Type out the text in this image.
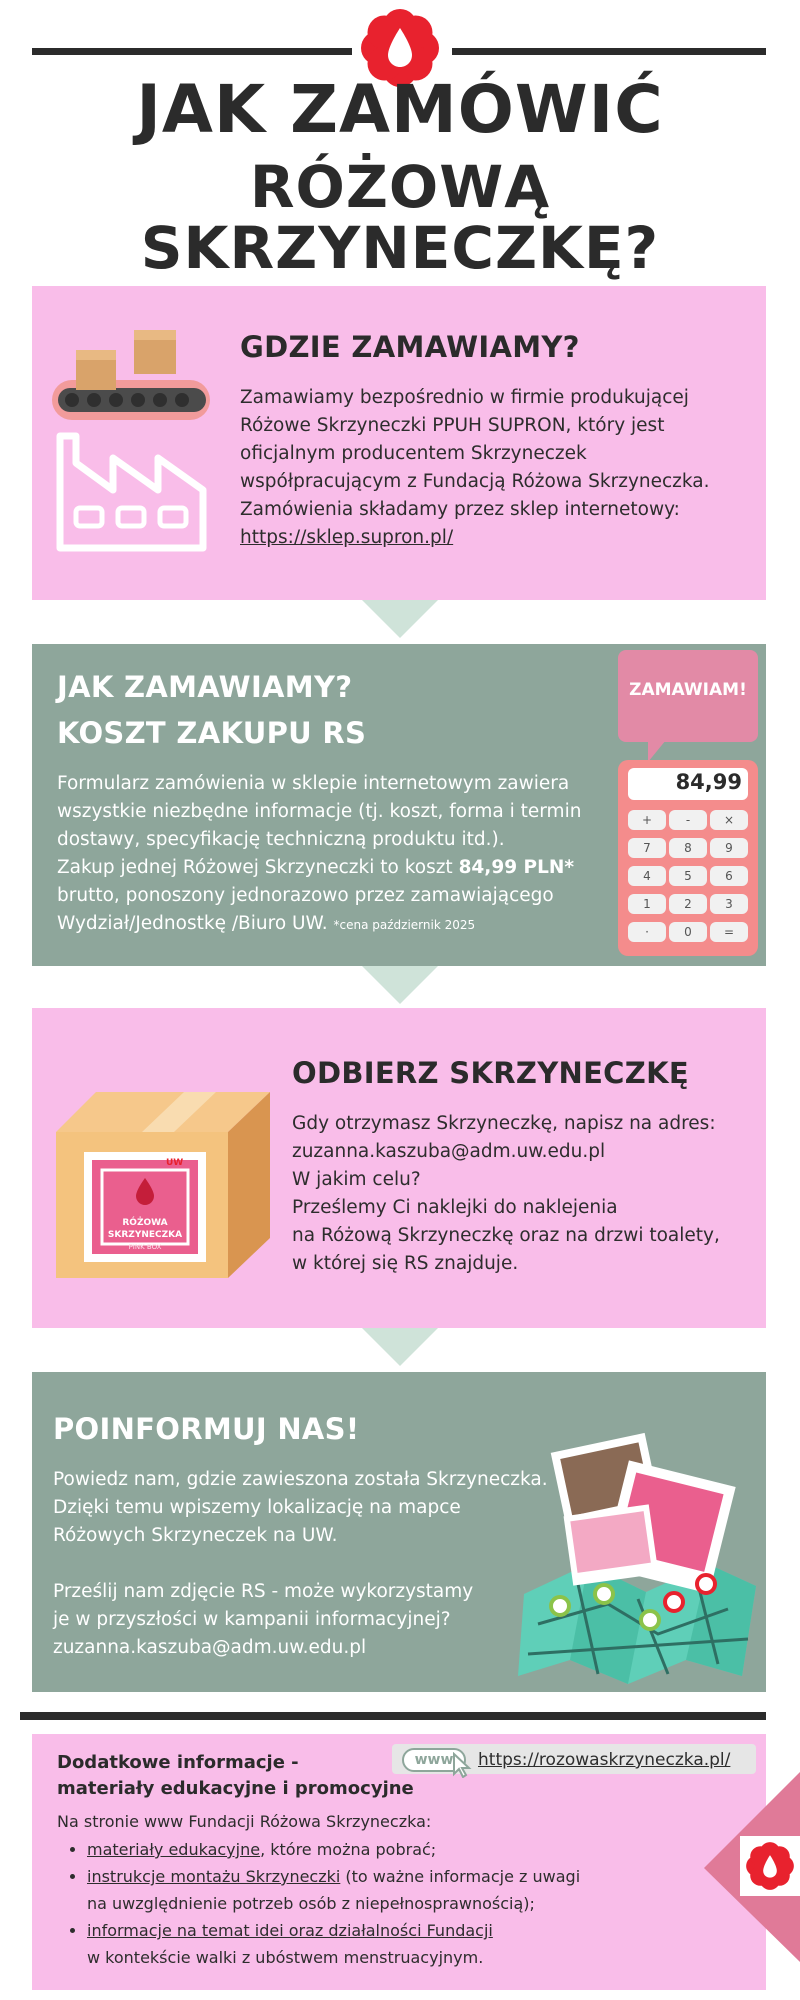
JAK ZAMÓWIĆ
RÓŻOWĄ
SKRZYNECZKĘ?
GDZIE ZAMAWIAMY?
Zamawiamy bezpośrednio w firmie produkującej
Różowe Skrzyneczki PPUH SUPRON, który jest
oficjalnym producentem Skrzyneczek
współpracującym z Fundacją Różowa Skrzyneczka.
Zamówienia składamy przez sklep internetowy:
https://sklep.supron.pl/
JAK ZAMAWIAMY?
KOSZT ZAKUPU RS
Formularz zamówienia w sklepie internetowym zawiera
wszystkie niezbędne informacje (tj. koszt, forma i termin
dostawy, specyfikację techniczną produktu itd.).
Zakup jednej Różowej Skrzyneczki to koszt 84,99 PLN*
brutto, ponoszony jednorazowo przez zamawiającego
Wydział/Jednostkę /Biuro UW. *cena październik 2025
ZAMAWIAM!
84,99
+	-	×
7	8	9
4	5	6
1	2	3
·	0	=
UW
RÓŻOWA
SKRZYNECZKA
PINK BOX
ODBIERZ SKRZYNECZKĘ
Gdy otrzymasz Skrzyneczkę, napisz na adres:
zuzanna.kaszuba@adm.uw.edu.pl
W jakim celu?
Prześlemy Ci naklejki do naklejenia
na Różową Skrzyneczkę oraz na drzwi toalety,
w której się RS znajduje.
POINFORMUJ NAS!
Powiedz nam, gdzie zawieszona została Skrzyneczka.
Dzięki temu wpiszemy lokalizację na mapce
Różowych Skrzyneczek na UW.

Prześlij nam zdjęcie RS - może wykorzystamy
je w przyszłości w kampanii informacyjnej?
zuzanna.kaszuba@adm.uw.edu.pl
Dodatkowe informacje -
materiały edukacyjne i promocyjne
www	https://rozowaskrzyneczka.pl/
Na stronie www Fundacji Różowa Skrzyneczka:
• materiały edukacyjne, które można pobrać;
• instrukcje montażu Skrzyneczki (to ważne informacje z uwagi
na uwzględnienie potrzeb osób z niepełnosprawnością);
• informacje na temat idei oraz działalności Fundacji
w kontekście walki z ubóstwem menstruacyjnym.
